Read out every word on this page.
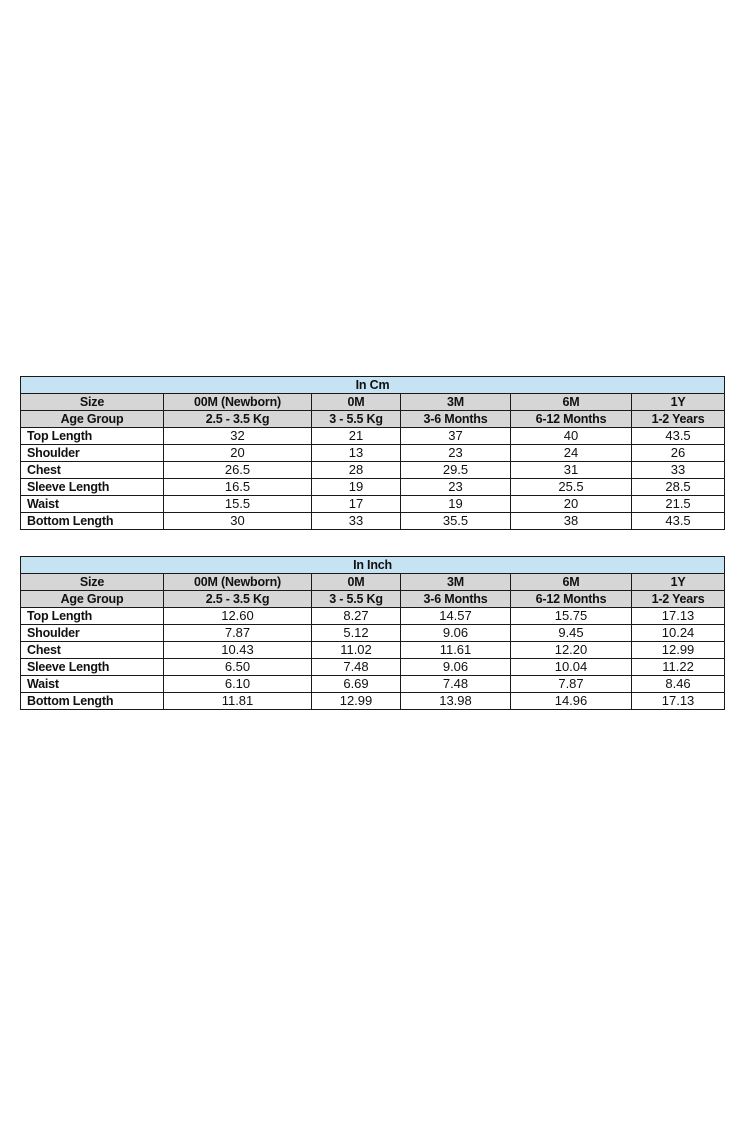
In Cm					
Size	00M (Newborn)	0M	3M	6M	1Y
Age Group	2.5 - 3.5 Kg	3 - 5.5 Kg	3-6 Months	6-12 Months	1-2 Years
Top Length	32	21	37	40	43.5
Shoulder	20	13	23	24	26
Chest	26.5	28	29.5	31	33
Sleeve Length	16.5	19	23	25.5	28.5
Waist	15.5	17	19	20	21.5
Bottom Length	30	33	35.5	38	43.5
In Inch					
Size	00M (Newborn)	0M	3M	6M	1Y
Age Group	2.5 - 3.5 Kg	3 - 5.5 Kg	3-6 Months	6-12 Months	1-2 Years
Top Length	12.60	8.27	14.57	15.75	17.13
Shoulder	7.87	5.12	9.06	9.45	10.24
Chest	10.43	11.02	11.61	12.20	12.99
Sleeve Length	6.50	7.48	9.06	10.04	11.22
Waist	6.10	6.69	7.48	7.87	8.46
Bottom Length	11.81	12.99	13.98	14.96	17.13
